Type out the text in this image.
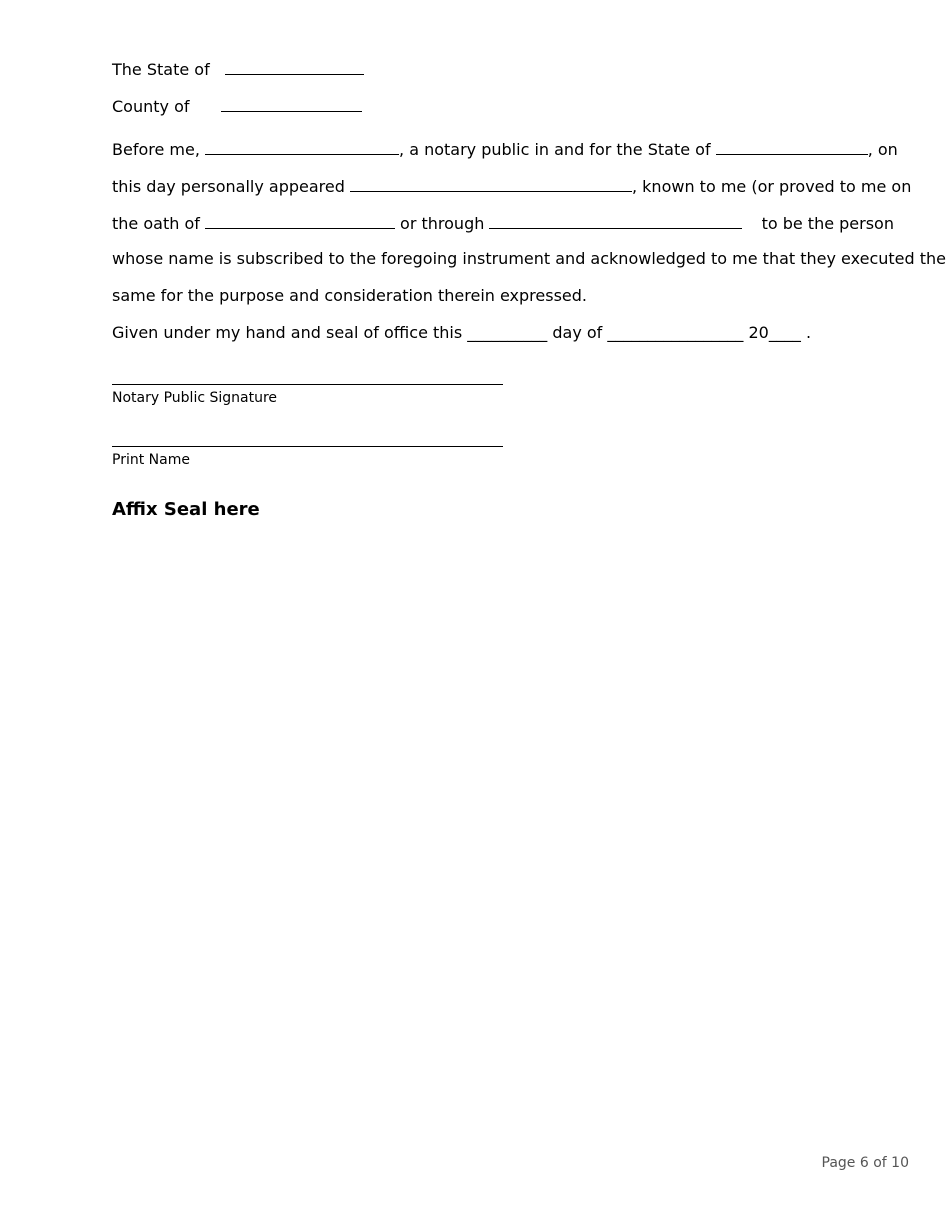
The State of
County of
Before me,	, a notary public in and for the State of	, on
this day personally appeared	, known to me (or proved to me on
the oath of	or through	to be the person
whose name is subscribed to the foregoing instrument and acknowledged to me that they executed the
same for the purpose and consideration therein expressed.
Given under my hand and seal of office this __________ day of _________________ 20____ .
Notary Public Signature
Print Name
Affix Seal here
Page 6 of 10
